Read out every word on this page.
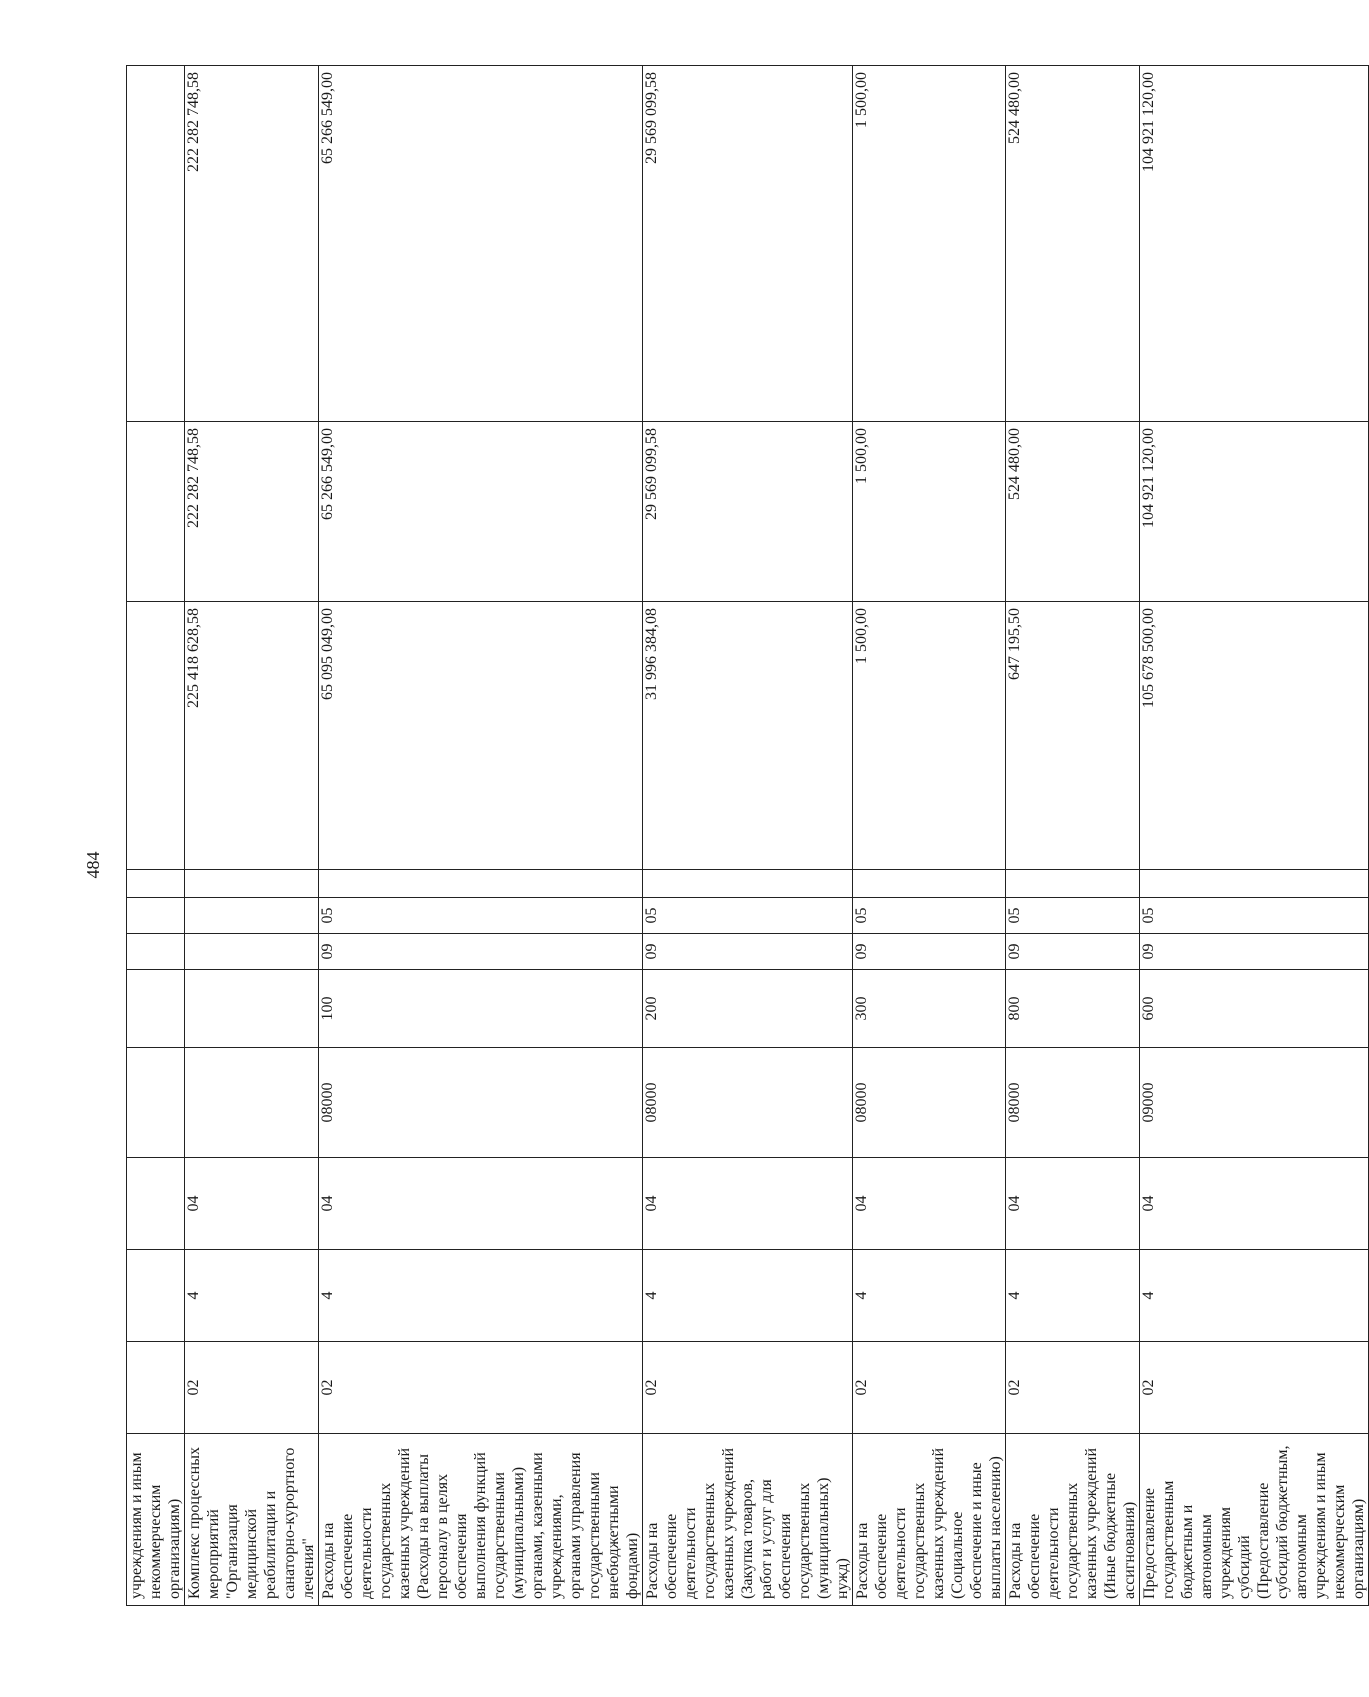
484
учреждениям и иным некоммерческим организациям)											
Комплекс процессных мероприятий "Организация медицинской реабилитации и санаторно-курортного лечения"	02	4	04						225 418 628,58	222 282 748,58	222 282 748,58
Расходы на обеспечение деятельности государственных казенных учреждений (Расходы на выплаты персоналу в целях обеспечения выполнения функций государственными (муниципальными) органами, казенными учреждениями, органами управления государственными внебюджетными фондами)	02	4	04	08000	100	09	05		65 095 049,00	65 266 549,00	65 266 549,00
Расходы на обеспечение деятельности государственных казенных учреждений (Закупка товаров, работ и услуг для обеспечения государственных (муниципальных) нужд)	02	4	04	08000	200	09	05		31 996 384,08	29 569 099,58	29 569 099,58
Расходы на обеспечение деятельности государственных казенных учреждений (Социальное обеспечение и иные выплаты населению)	02	4	04	08000	300	09	05		1 500,00	1 500,00	1 500,00
Расходы на обеспечение деятельности государственных казенных учреждений (Иные бюджетные ассигнования)	02	4	04	08000	800	09	05		647 195,50	524 480,00	524 480,00
Предоставление государственным бюджетным и автономным учреждениям субсидий (Предоставление субсидий бюджетным, автономным учреждениям и иным некоммерческим организациям)	02	4	04	09000	600	09	05		105 678 500,00	104 921 120,00	104 921 120,00
